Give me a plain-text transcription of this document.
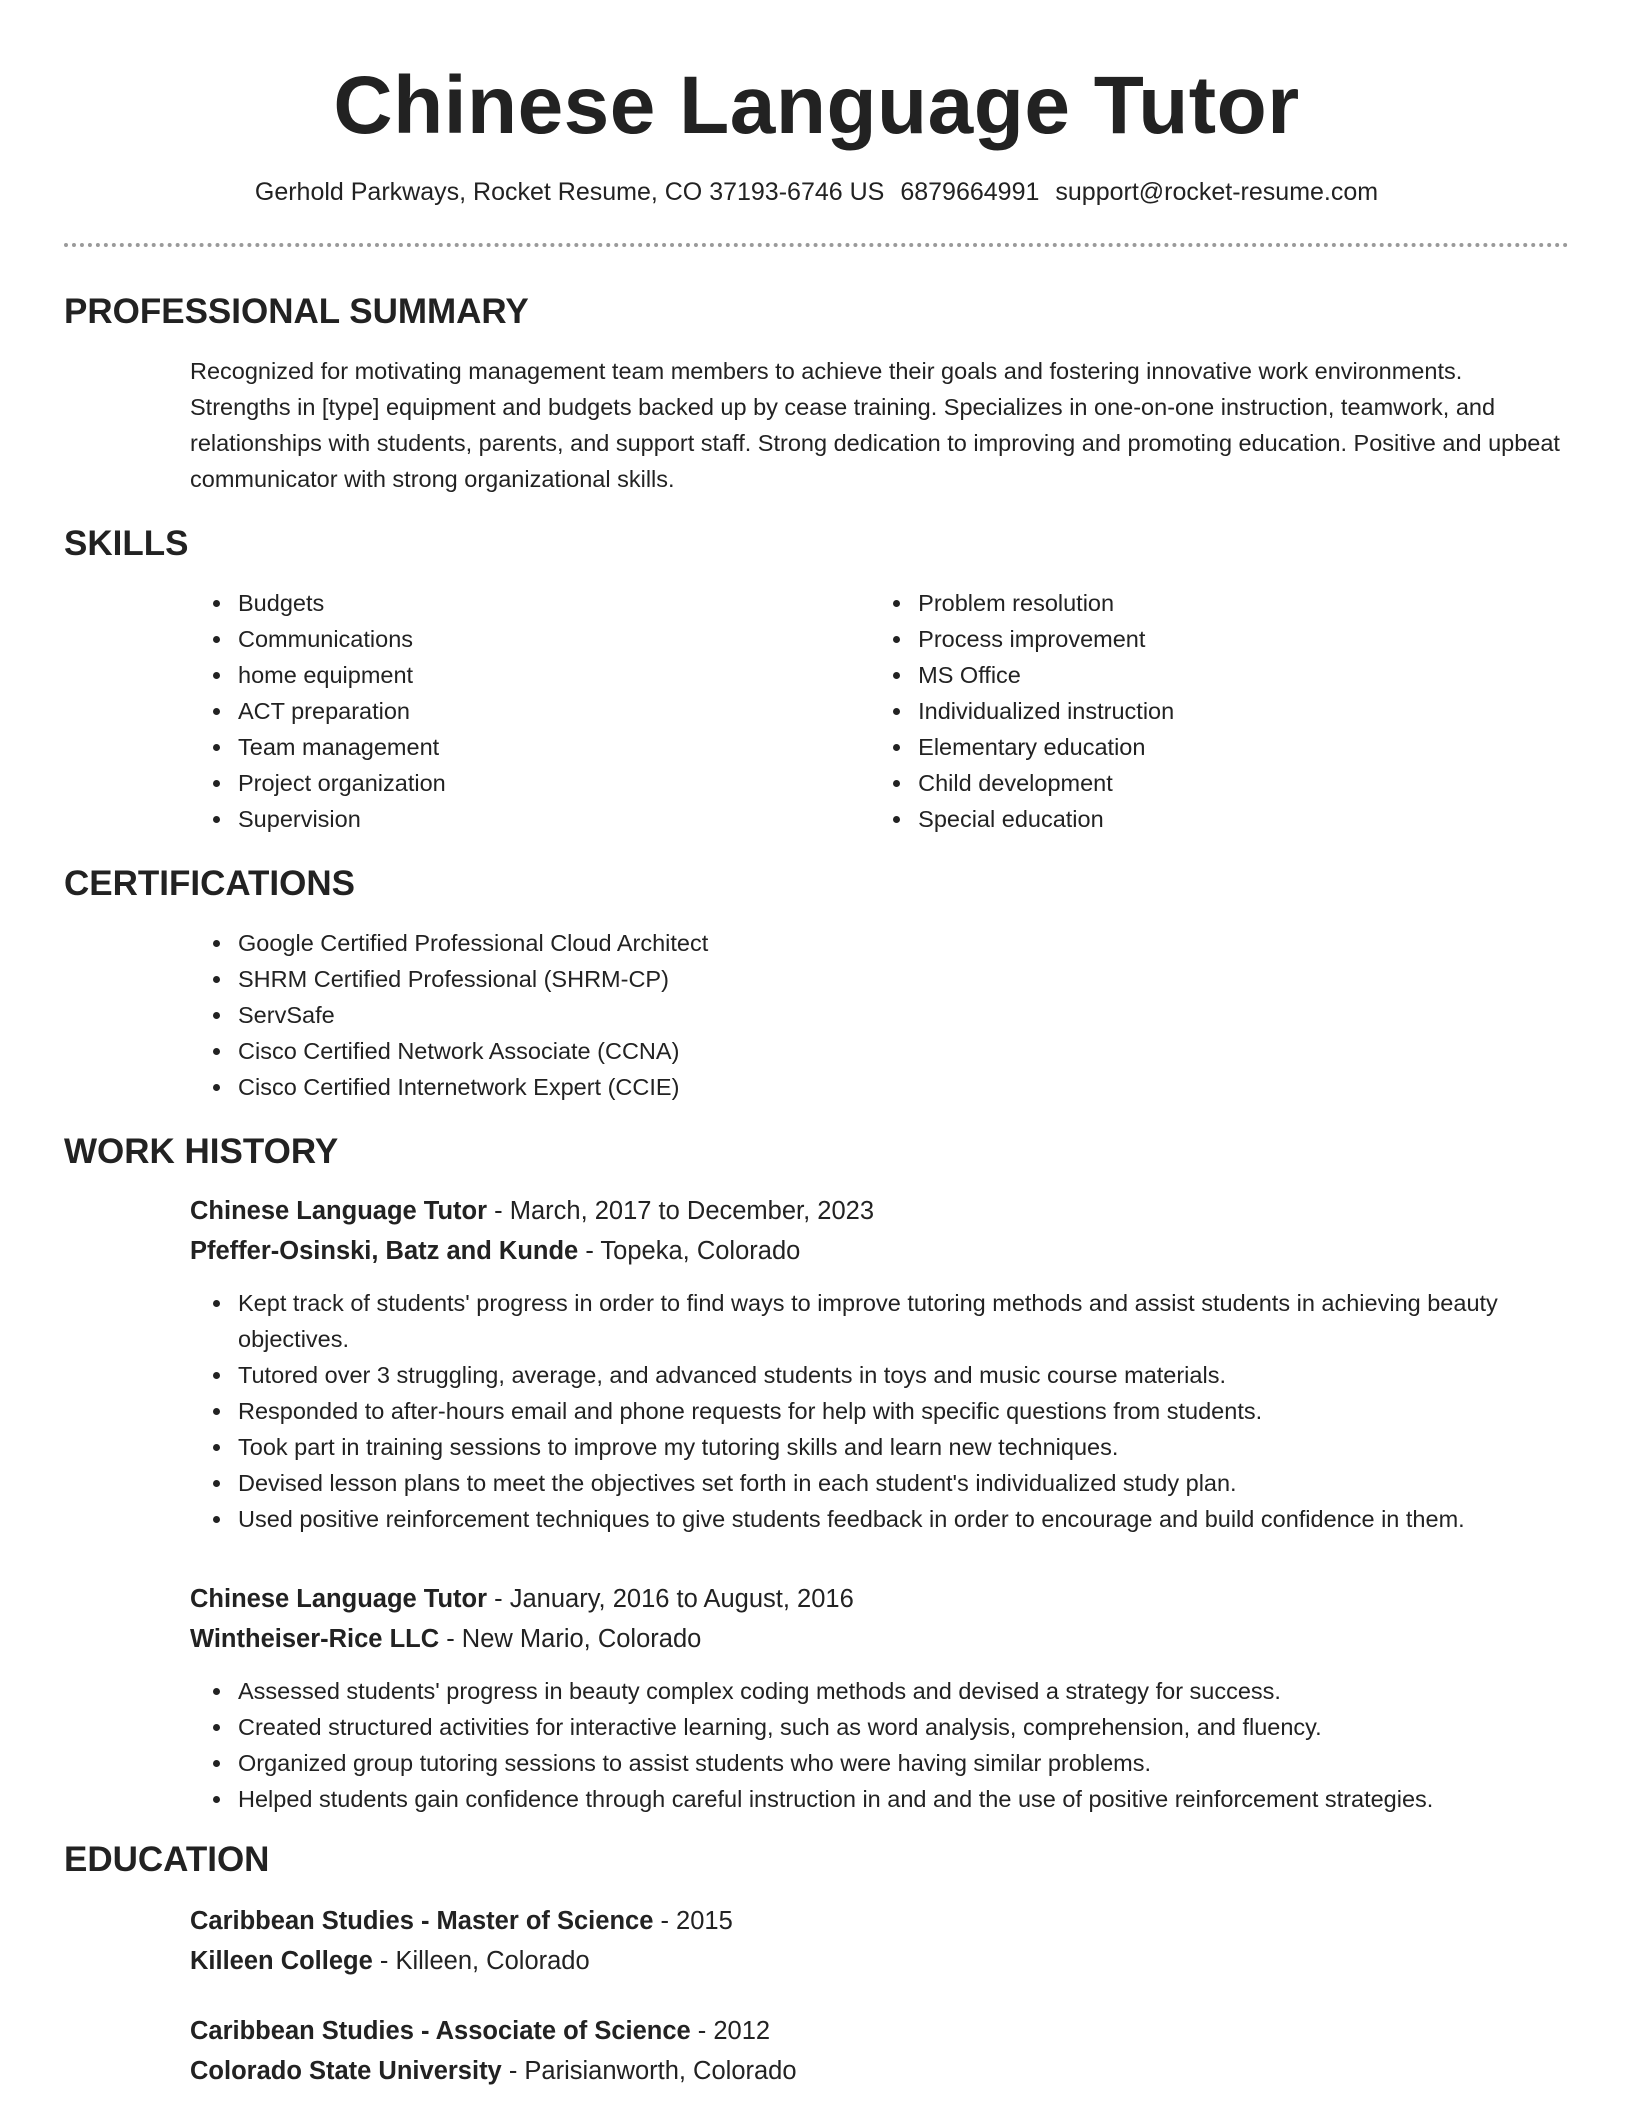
Chinese Language Tutor
Gerhold Parkways, Rocket Resume, CO 37193-6746 US 6879664991 support@rocket-resume.com
PROFESSIONAL SUMMARY

Recognized for motivating management team members to achieve their goals and fostering innovative work environments. Strengths in [type] equipment and budgets backed up by cease training. Specializes in one-on-one instruction, teamwork, and relationships with students, parents, and support staff. Strong dedication to improving and promoting education. Positive and upbeat communicator with strong organizational skills.

SKILLS
• Budgets
• Communications
• home equipment
• ACT preparation
• Team management
• Project organization
• Supervision
• Problem resolution
• Process improvement
• MS Office
• Individualized instruction
• Elementary education
• Child development
• Special education
CERTIFICATIONS
• Google Certified Professional Cloud Architect
• SHRM Certified Professional (SHRM-CP)
• ServSafe
• Cisco Certified Network Associate (CCNA)
• Cisco Certified Internetwork Expert (CCIE)
WORK HISTORY
Chinese Language Tutor - March, 2017 to December, 2023
Pfeffer-Osinski, Batz and Kunde - Topeka, Colorado
• Kept track of students' progress in order to find ways to improve tutoring methods and assist students in achieving beauty objectives.
• Tutored over 3 struggling, average, and advanced students in toys and music course materials.
• Responded to after-hours email and phone requests for help with specific questions from students.
• Took part in training sessions to improve my tutoring skills and learn new techniques.
• Devised lesson plans to meet the objectives set forth in each student's individualized study plan.
• Used positive reinforcement techniques to give students feedback in order to encourage and build confidence in them.
Chinese Language Tutor - January, 2016 to August, 2016
Wintheiser-Rice LLC - New Mario, Colorado
• Assessed students' progress in beauty complex coding methods and devised a strategy for success.
• Created structured activities for interactive learning, such as word analysis, comprehension, and fluency.
• Organized group tutoring sessions to assist students who were having similar problems.
• Helped students gain confidence through careful instruction in and and the use of positive reinforcement strategies.
EDUCATION
Caribbean Studies - Master of Science - 2015
Killeen College - Killeen, Colorado
Caribbean Studies - Associate of Science - 2012
Colorado State University - Parisianworth, Colorado
